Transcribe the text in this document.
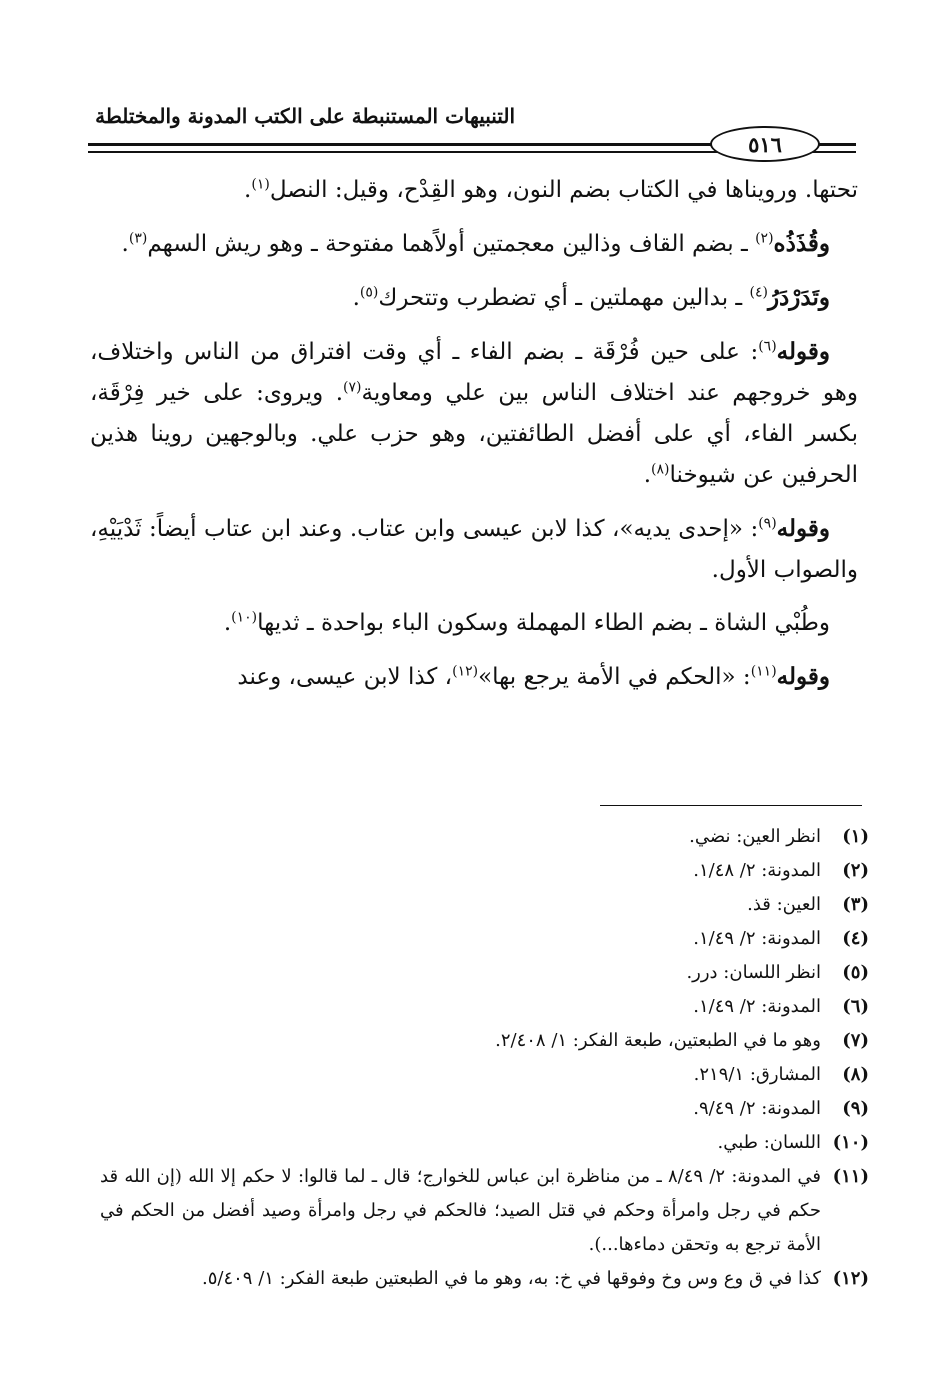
التنبيهات المستنبطة على الكتب المدونة والمختلطة
٥١٦

تحتها. ورويناها في الكتاب بضم النون، وهو القِدْح، وقيل: النصل$^{(١)}$.

وقُذَذُه$^{(٢)}$ ـ بضم القاف وذالين معجمتين أولاًهما مفتوحة ـ وهو ريش السهم$^{(٣)}$.

وتَدَرْدَرُ$^{(٤)}$ ـ بدالين مهملتين ـ أي تضطرب وتتحرك$^{(٥)}$.

وقوله$^{(٦)}$: على حين فُرْقَة ـ بضم الفاء ـ أي وقت افتراق من الناس واختلاف، وهو خروجهم عند اختلاف الناس بين علي ومعاوية$^{(٧)}$. ويروى: على خير فِرْقَة، بكسر الفاء، أي على أفضل الطائفتين، وهو حزب علي. وبالوجهين روينا هذين الحرفين عن شيوخنا$^{(٨)}$.

وقوله$^{(٩)}$: «إحدى يديه»، كذا لابن عيسى وابن عتاب. وعند ابن عتاب أيضاً: ثَدْيَيْهِ، والصواب الأول.

وطُبْي الشاة ـ بضم الطاء المهملة وسكون الباء بواحدة ـ ثديها$^{(١٠)}$.

وقوله$^{(١١)}$: «الحكم في الأمة يرجع بها»$^{(١٢)}$، كذا لابن عيسى، وعند

(١)
انظر العين: نضي.
(٢)
المدونة: ٢/ ١/٤٨.
(٣)
العين: قذ.
(٤)
المدونة: ٢/ ١/٤٩.
(٥)
انظر اللسان: درر.
(٦)
المدونة: ٢/ ١/٤٩.
(٧)
وهو ما في الطبعتين، طبعة الفكر: ١/ ٢/٤٠٨.
(٨)
المشارق: ٢١٩/١.
(٩)
المدونة: ٢/ ٩/٤٩.
(١٠)
اللسان: طبي.
(١١)
في المدونة: ٢/ ٨/٤٩ ـ من مناظرة ابن عباس للخوارج؛ قال ـ لما قالوا: لا حكم إلا الله (إن الله قد حكم في رجل وامرأة وحكم في قتل الصيد؛ فالحكم في رجل وامرأة وصيد أفضل من الحكم في الأمة ترجع به وتحقن دماءها...).
(١٢)
كذا في ق وع وس وخ وفوقها في خ: به، وهو ما في الطبعتين طبعة الفكر: ١/ ٥/٤٠٩.
